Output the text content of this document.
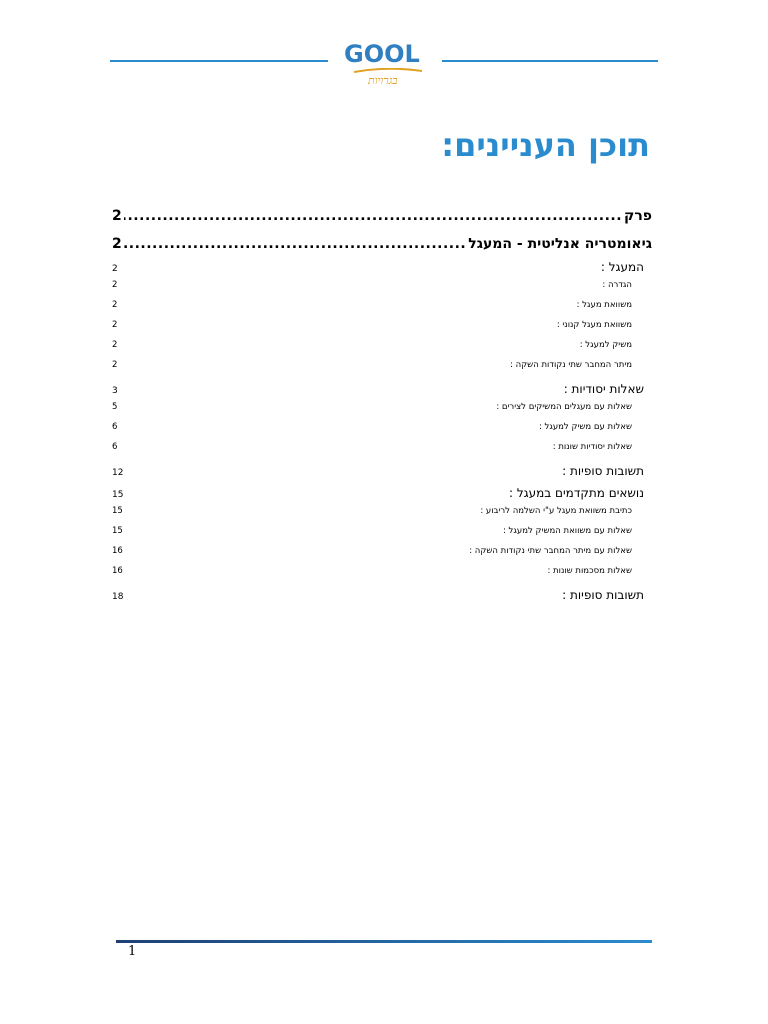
GOOL
בגרויות
תוכן העניינים:
פרק
.....
2
גיאומטריה אנליטית - המעגל
.....
2
המעגל :
2
הגדרה :
2
משוואת מעגל :
2
משוואת מעגל קנוני :
2
משיק למעגל :
2
מיתר המחבר שתי נקודות השקה :
2
שאלות יסודיות :
3
שאלות עם מעגלים המשיקים לצירים :
5
שאלות עם משיק למעגל :
6
שאלות יסודיות שונות :
6
תשובות סופיות :
12
נושאים מתקדמים במעגל :
15
כתיבת משוואת מעגל ע"י השלמה לריבוע :
15
שאלות עם משוואת המשיק למעגל :
15
שאלות עם מיתר המחבר שתי נקודות השקה :
16
שאלות מסכמות שונות :
16
תשובות סופיות :
18
1
